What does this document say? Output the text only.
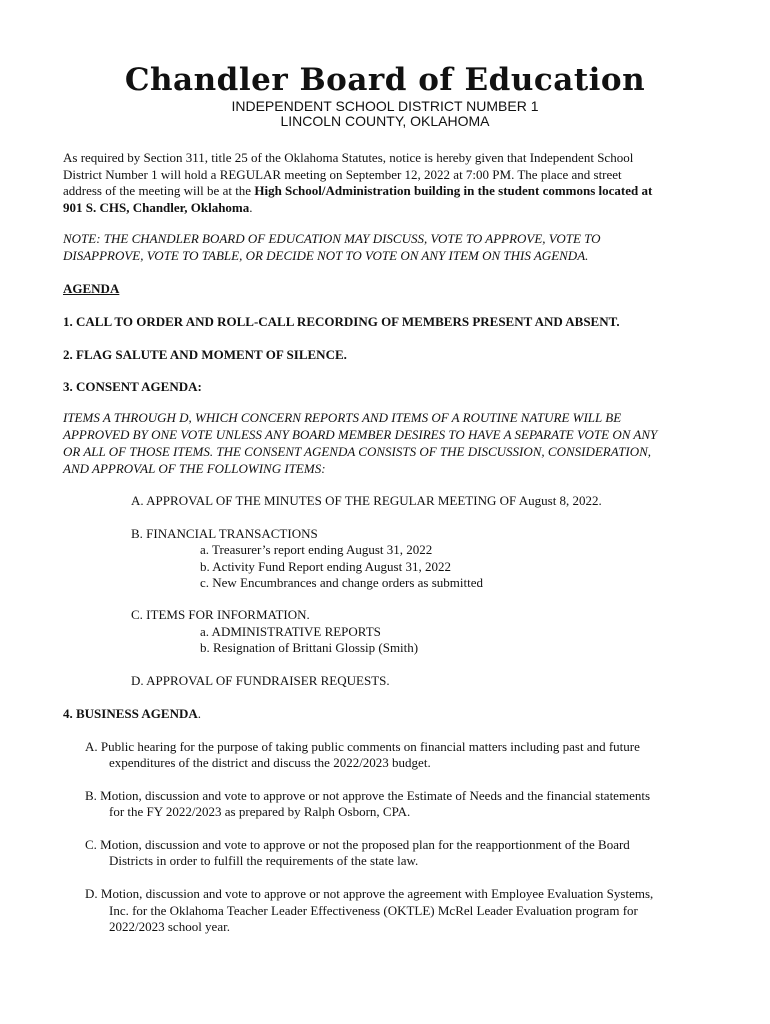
Chandler Board of Education
INDEPENDENT SCHOOL DISTRICT NUMBER 1
LINCOLN COUNTY, OKLAHOMA
As required by Section 311, title 25 of the Oklahoma Statutes, notice is hereby given that Independent School
District Number 1 will hold a REGULAR meeting on September 12, 2022 at 7:00 PM. The place and street
address of the meeting will be at the High School/Administration building in the student commons located at
901 S. CHS, Chandler, Oklahoma.
NOTE: THE CHANDLER BOARD OF EDUCATION MAY DISCUSS, VOTE TO APPROVE, VOTE TO
DISAPPROVE, VOTE TO TABLE, OR DECIDE NOT TO VOTE ON ANY ITEM ON THIS AGENDA.
AGENDA
1. CALL TO ORDER AND ROLL-CALL RECORDING OF MEMBERS PRESENT AND ABSENT.
2. FLAG SALUTE AND MOMENT OF SILENCE.
3. CONSENT AGENDA:
ITEMS A THROUGH D, WHICH CONCERN REPORTS AND ITEMS OF A ROUTINE NATURE WILL BE
APPROVED BY ONE VOTE UNLESS ANY BOARD MEMBER DESIRES TO HAVE A SEPARATE VOTE ON ANY
OR ALL OF THOSE ITEMS. THE CONSENT AGENDA CONSISTS OF THE DISCUSSION, CONSIDERATION,
AND APPROVAL OF THE FOLLOWING ITEMS:
A. APPROVAL OF THE MINUTES OF THE REGULAR MEETING OF August 8, 2022.
B. FINANCIAL TRANSACTIONS
a. Treasurer’s report ending August 31, 2022
b. Activity Fund Report ending August 31, 2022
c. New Encumbrances and change orders as submitted
C. ITEMS FOR INFORMATION.
a. ADMINISTRATIVE REPORTS
b. Resignation of Brittani Glossip (Smith)
D. APPROVAL OF FUNDRAISER REQUESTS.
4. BUSINESS AGENDA.
A. Public hearing for the purpose of taking public comments on financial matters including past and future
expenditures of the district and discuss the 2022/2023 budget.
B. Motion, discussion and vote to approve or not approve the Estimate of Needs and the financial statements
for the FY 2022/2023 as prepared by Ralph Osborn, CPA.
C. Motion, discussion and vote to approve or not the proposed plan for the reapportionment of the Board
Districts in order to fulfill the requirements of the state law.
D. Motion, discussion and vote to approve or not approve the agreement with Employee Evaluation Systems,
Inc. for the Oklahoma Teacher Leader Effectiveness (OKTLE) McRel Leader Evaluation program for
2022/2023 school year.
